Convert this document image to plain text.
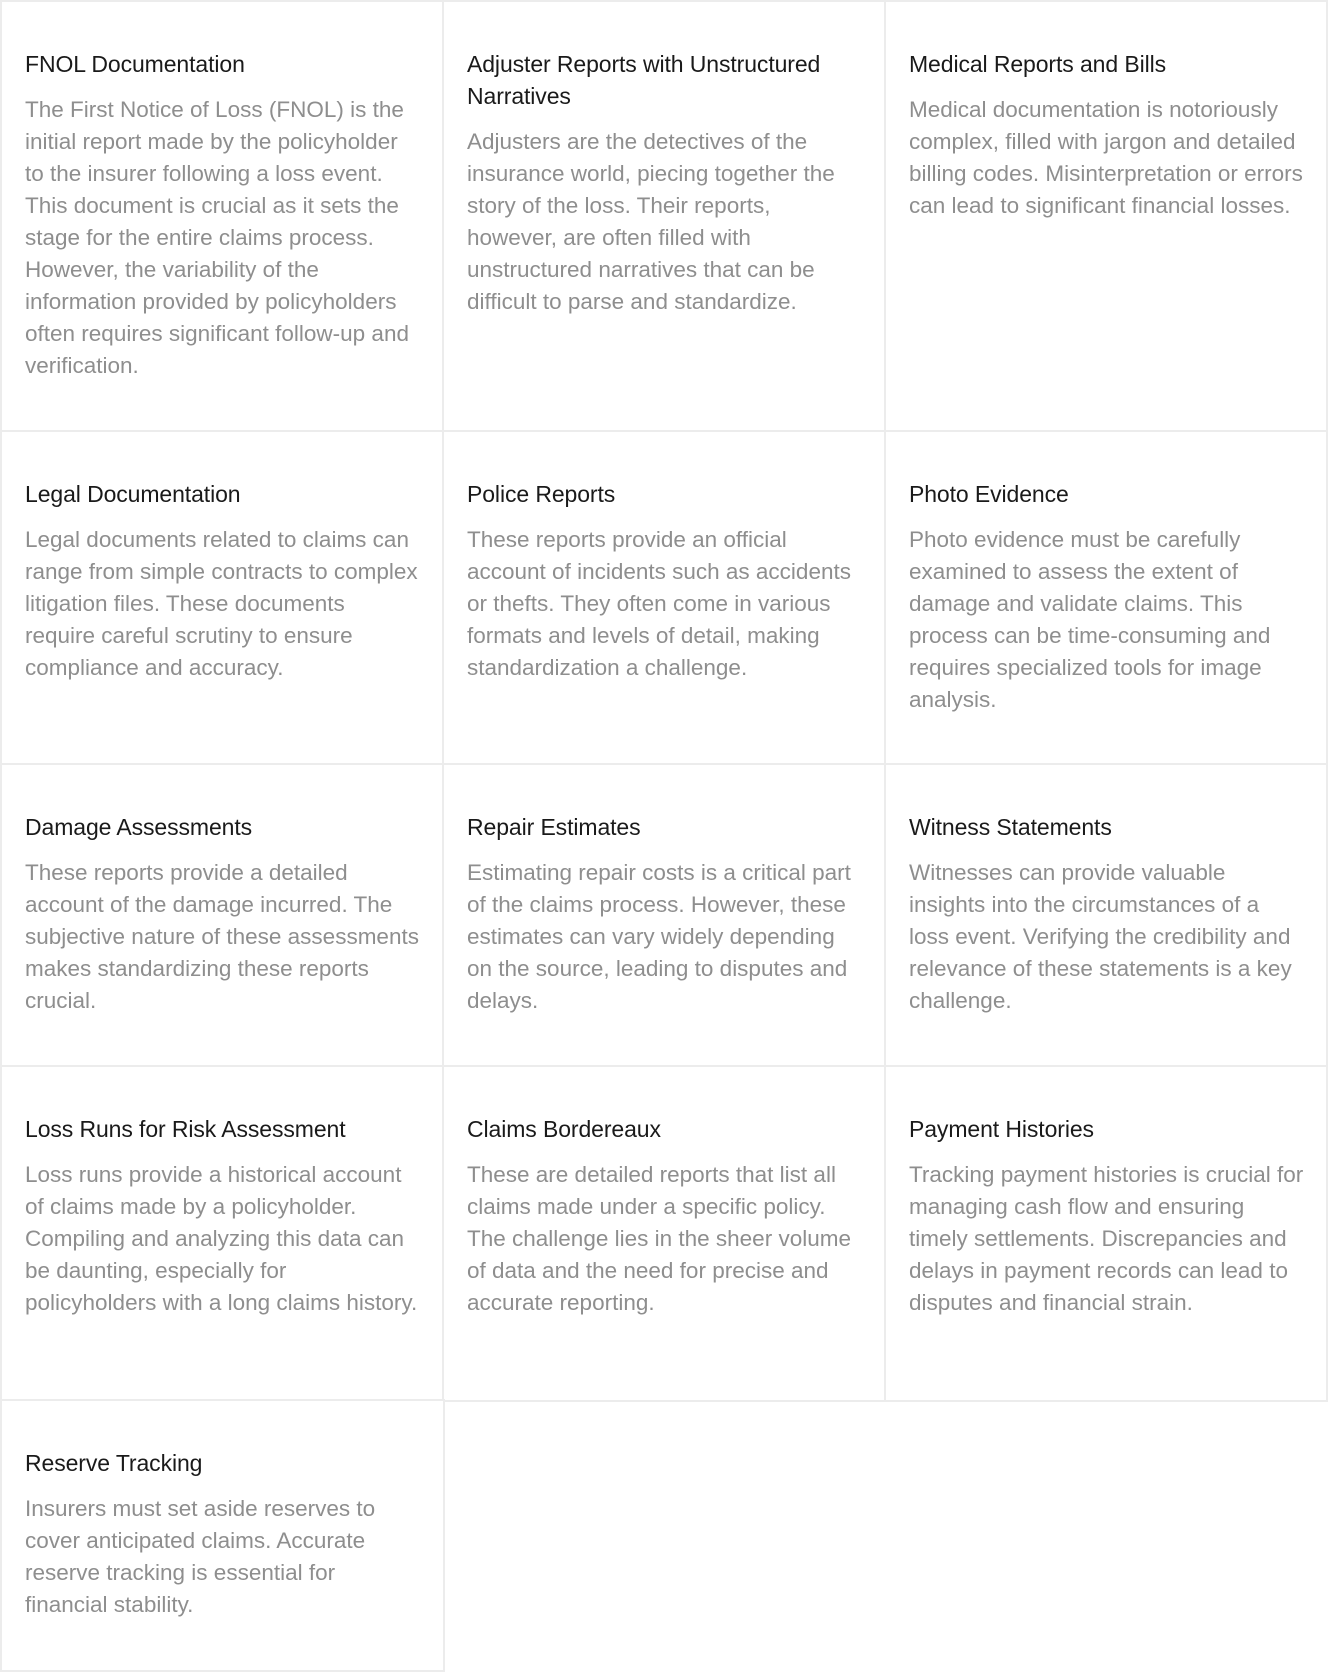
FNOL Documentation

The First Notice of Loss (FNOL) is the initial report made by the policyholder to the insurer following a loss event. This document is crucial as it sets the stage for the entire claims process. However, the variability of the information provided by policyholders often requires significant follow-up and verification.

Adjuster Reports with Unstructured Narratives

Adjusters are the detectives of the insurance world, piecing together the story of the loss. Their reports, however, are often filled with unstructured narratives that can be difficult to parse and standardize.

Medical Reports and Bills

Medical documentation is notoriously complex, filled with jargon and detailed billing codes. Misinterpretation or errors can lead to significant financial losses.

Legal Documentation

Legal documents related to claims can range from simple contracts to complex litigation files. These documents require careful scrutiny to ensure compliance and accuracy.

Police Reports

These reports provide an official account of incidents such as accidents or thefts. They often come in various formats and levels of detail, making standardization a challenge.

Photo Evidence

Photo evidence must be carefully examined to assess the extent of damage and validate claims. This process can be time-consuming and requires specialized tools for image analysis.

Damage Assessments

These reports provide a detailed account of the damage incurred. The subjective nature of these assessments makes standardizing these reports crucial.

Repair Estimates

Estimating repair costs is a critical part of the claims process. However, these estimates can vary widely depending on the source, leading to disputes and delays.

Witness Statements

Witnesses can provide valuable insights into the circumstances of a loss event. Verifying the credibility and relevance of these statements is a key challenge.

Loss Runs for Risk Assessment

Loss runs provide a historical account of claims made by a policyholder. Compiling and analyzing this data can be daunting, especially for policyholders with a long claims history.

Claims Bordereaux

These are detailed reports that list all claims made under a specific policy. The challenge lies in the sheer volume of data and the need for precise and accurate reporting.

Payment Histories

Tracking payment histories is crucial for managing cash flow and ensuring timely settlements. Discrepancies and delays in payment records can lead to disputes and financial strain.

Reserve Tracking

Insurers must set aside reserves to cover anticipated claims. Accurate reserve tracking is essential for financial stability.
